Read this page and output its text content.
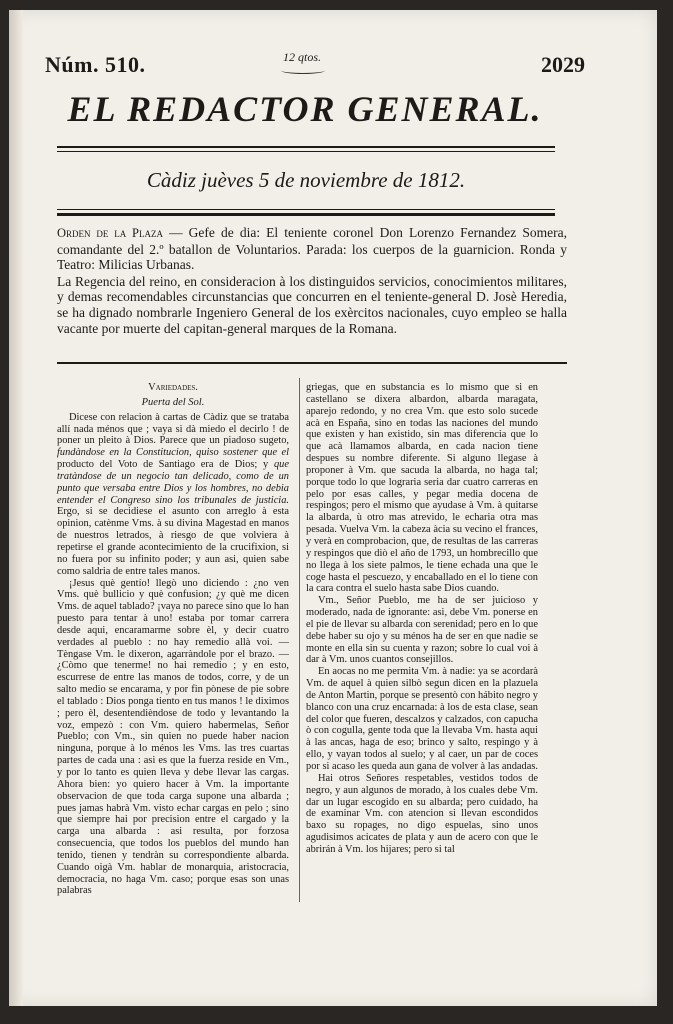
Núm. 510.	12 qtos.	2029
EL REDACTOR GENERAL.
Càdiz juèves 5 de noviembre de 1812.

Orden de la Plaza — Gefe de dia: El teniente coronel Don Lorenzo Fernandez Somera, comandante del 2.º batallon de Voluntarios. Parada: los cuerpos de la guarnicion. Ronda y Teatro: Milicias Urbanas.

La Regencia del reino, en consideracion à los distinguidos servicios, conocimientos militares, y demas recomendables circunstancias que concurren en el teniente-general D. Josè Heredia, se ha dignado nombrarle Ingeniero General de los exèrcitos nacionales, cuyo empleo se halla vacante por muerte del capitan-general marques de la Romana.

Variedades.
Puerta del Sol.

Dicese con relacion à cartas de Càdiz que se trataba allí nada ménos que ; vaya si dà miedo el decirlo ! de poner un pleito à Dios. Parece que un piadoso sugeto, fundàndose en la Constitucion, quiso sostener que el producto del Voto de Santiago era de Dios; y que tratàndose de un negocio tan delicado, como de un punto que versaba entre Dios y los hombres, no debia entender el Congreso sino los tribunales de justicia. Ergo, si se decidiese el asunto con arreglo à esta opinion, catènme Vms. à su divina Magestad en manos de nuestros letrados, à riesgo de que volviera à repetirse el grande acontecimiento de la crucifixion, si no fuera por su infinito poder; y aun asi, quien sabe como saldria de entre tales manos.

¡Jesus què gentío! llegò uno diciendo : ¿no ven Vms. què bullicio y què confusion; ¿y què me dicen Vms. de aquel tablado? ¡vaya no parece sino que lo han puesto para tentar à uno! estaba por tomar carrera desde aqui, encaramarme sobre èl, y decir cuatro verdades al pueblo : no hay remedio allà voi. — Tèngase Vm. le dixeron, agarràndole por el brazo. — ¿Còmo que tenerme! no hai remedio ; y en esto, escurrese de entre las manos de todos, corre, y de un salto medio se encarama, y por fin pònese de pie sobre el tablado : Dios ponga tiento en tus manos ! le diximos ; pero èl, desentendièndose de todo y levantando la voz, empezò : con Vm. quiero habermelas, Señor Pueblo; con Vm., sin quien no puede haber nacion ninguna, porque à lo ménos les Vms. las tres cuartas partes de cada una : asi es que la fuerza reside en Vm., y por lo tanto es quien lleva y debe llevar las cargas. Ahora bien: yo quiero hacer à Vm. la importante observacion de que toda carga supone una albarda ; pues jamas habrà Vm. visto echar cargas en pelo ; sino que siempre hai por precision entre el cargado y la carga una albarda : asi resulta, por forzosa consecuencia, que todos los pueblos del mundo han tenido, tienen y tendràn su correspondiente albarda. Cuando oigà Vm. hablar de monarquia, aristocracia, democracia, no haga Vm. caso; porque esas son unas palabras

griegas, que en substancia es lo mismo que si en castellano se dixera albardon, albarda maragata, aparejo redondo, y no crea Vm. que esto solo sucede acà en España, sino en todas las naciones del mundo que existen y han existido, sin mas diferencia que lo que acà llamamos albarda, en cada nacion tiene despues su nombre diferente. Si alguno llegase à proponer à Vm. que sacuda la albarda, no haga tal; porque todo lo que lograria seria dar cuatro carreras en pelo por esas calles, y pegar media docena de respingos; pero el mismo que ayudase à Vm. à quitarse la albarda, ù otro mas atrevido, le echaria otra mas pesada. Vuelva Vm. la cabeza àcia su vecino el frances, y verà en comprobacion, que, de resultas de las carreras y respingos que diò el año de 1793, un hombrecillo que no llega à los siete palmos, le tiene echada una que le coge hasta el pescuezo, y encaballado en el lo tiene con la cara contra el suelo hasta sabe Dios cuando.

Vm., Señor Pueblo, me ha de ser juicioso y moderado, nada de ignorante: asi, debe Vm. ponerse en el pie de llevar su albarda con serenidad; pero en lo que debe haber su ojo y su ménos ha de ser en que nadie se monte en ella sin su cuenta y razon; sobre lo cual voi à dar à Vm. unos cuantos consejillos.

En aocas no me permita Vm. à nadie: ya se acordarà Vm. de aquel à quien silbò segun dicen en la plazuela de Anton Martin, porque se presentò con hábito negro y blanco con una cruz encarnada: à los de esta clase, sean del color que fueren, descalzos y calzados, con capucha ò con cogulla, gente toda que la llevaba Vm. hasta aqui à las ancas, haga de eso; brinco y salto, respingo y à ello, y vayan todos al suelo; y al caer, un par de coces por si acaso les queda aun gana de volver à las andadas.

Hai otros Señores respetables, vestidos todos de negro, y aun algunos de morado, à los cuales debe Vm. dar un lugar escogido en su albarda; pero cuidado, ha de examinar Vm. con atencion si llevan escondidos baxo su ropages, no digo espuelas, sino unos agudisimos acicates de plata y aun de acero con que le abrirán à Vm. los hijares; pero si tal
